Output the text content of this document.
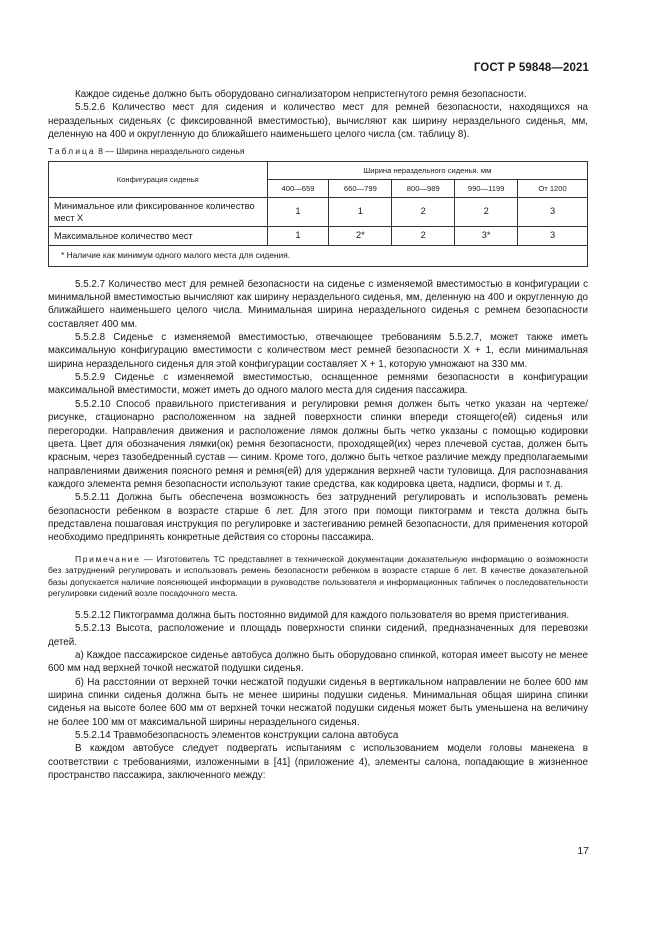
ГОСТ Р 59848—2021

Каждое сиденье должно быть оборудовано сигнализатором непристегнутого ремня безопасности.

5.5.2.6 Количество мест для сидения и количество мест для ремней безопасности, находящихся на нераздельных сиденьях (с фиксированной вместимостью), вычисляют как ширину нераздельного сиденья, мм, деленную на 400 и округленную до ближайшего наименьшего целого числа (см. таблицу 8).

Таблица 8 — Ширина нераздельного сиденья
Конфигурация сиденья	Ширина нераздельного сиденья. мм				
	400—659	660—799	800—989	990—1199	От 1200
Минимальное или фиксированное количество мест X	1	1	2	2	3
Максимальное количество мест	1	2*	2	3*	3
* Наличие как минимум одного малого места для сидения.					

5.5.2.7 Количество мест для ремней безопасности на сиденье с изменяемой вместимостью в конфигурации с минимальной вместимостью вычисляют как ширину нераздельного сиденья, мм, деленную на 400 и округленную до ближайшего наименьшего целого числа. Минимальная ширина нераздельного сиденья с ремнем безопасности составляет 400 мм.

5.5.2.8 Сиденье с изменяемой вместимостью, отвечающее требованиям 5.5.2.7, может также иметь максимальную конфигурацию вместимости с количеством мест ремней безопасности X + 1, если минимальная ширина нераздельного сиденья для этой конфигурации составляет X + 1, которую умножают на 330 мм.

5.5.2.9 Сиденье с изменяемой вместимостью, оснащенное ремнями безопасности в конфигурации максимальной вместимости, может иметь до одного малого места для сидения пассажира.

5.5.2.10 Способ правильного пристегивания и регулировки ремня должен быть четко указан на чертеже/рисунке, стационарно расположенном на задней поверхности спинки впереди стоящего(ей) сиденья или перегородки. Направления движения и расположение лямок должны быть четко указаны с помощью кодировки цвета. Цвет для обозначения лямки(ок) ремня безопасности, проходящей(их) через плечевой сустав, должен быть красным, через тазобедренный сустав — синим. Кроме того, должно быть четкое различие между предполагаемыми направлениями движения поясного ремня и ремня(ей) для удержания верхней части туловища. Для распознавания каждого элемента ремня безопасности используют такие средства, как кодировка цвета, надписи, формы и т. д.

5.5.2.11 Должна быть обеспечена возможность без затруднений регулировать и использовать ремень безопасности ребенком в возрасте старше 6 лет. Для этого при помощи пиктограмм и текста должна быть представлена пошаговая инструкция по регулировке и застегиванию ремней безопасности, для применения которой необходимо предпринять конкретные действия со стороны пассажира.

Примечание — Изготовитель ТС представляет в технической документации доказательную информацию о возможности без затруднений регулировать и использовать ремень безопасности ребенком в возрасте старше 6 лет. В качестве доказательной базы допускается наличие поясняющей информации в руководстве пользователя и информационных табличек о последовательности регулировки сидений возле посадочного места.

5.5.2.12 Пиктограмма должна быть постоянно видимой для каждого пользователя во время пристегивания.

5.5.2.13 Высота, расположение и площадь поверхности спинки сидений, предназначенных для перевозки детей.

а) Каждое пассажирское сиденье автобуса должно быть оборудовано спинкой, которая имеет высоту не менее 600 мм над верхней точкой несжатой подушки сиденья.

б) На расстоянии от верхней точки несжатой подушки сиденья в вертикальном направлении не более 600 мм ширина спинки сиденья должна быть не менее ширины подушки сиденья. Минимальная общая ширина спинки сиденья на высоте более 600 мм от верхней точки несжатой подушки сиденья может быть уменьшена на величину не более 100 мм от максимальной ширины нераздельного сиденья.

5.5.2.14 Травмобезопасность элементов конструкции салона автобуса

В каждом автобусе следует подвергать испытаниям с использованием модели головы манекена в соответствии с требованиями, изложенными в [41] (приложение 4), элементы салона, попадающие в жизненное пространство пассажира, заключенного между:

17
